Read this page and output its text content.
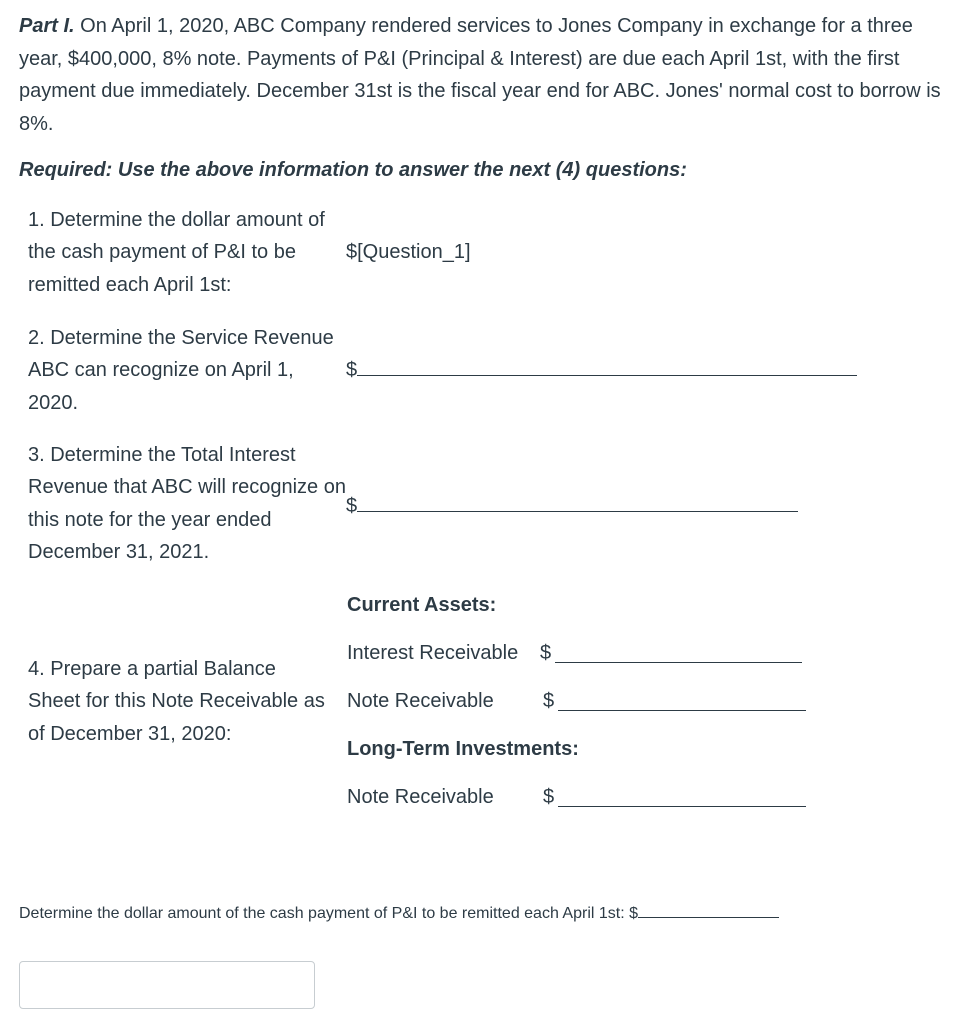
Part I. On April 1, 2020, ABC Company rendered services to Jones Company in exchange for a three year, $400,000, 8% note. Payments of P&I (Principal & Interest) are due each April 1st, with the first payment due immediately. December 31st is the fiscal year end for ABC. Jones' normal cost to borrow is 8%.

Required: Use the above information to answer the next (4) questions:

1. Determine the dollar amount of the cash payment of P&I to be remitted each April 1st:

$[Question_1]

2. Determine the Service Revenue ABC can recognize on April 1, 2020.

$

3. Determine the Total Interest Revenue that ABC will recognize on this note for the year ended December 31, 2021.

$

4. Prepare a partial Balance Sheet for this Note Receivable as of December 31, 2020:

Current Assets:
Interest Receivable $
Note Receivable $
Long-Term Investments:
Note Receivable $
Determine the dollar amount of the cash payment of P&I to be remitted each April 1st: $
